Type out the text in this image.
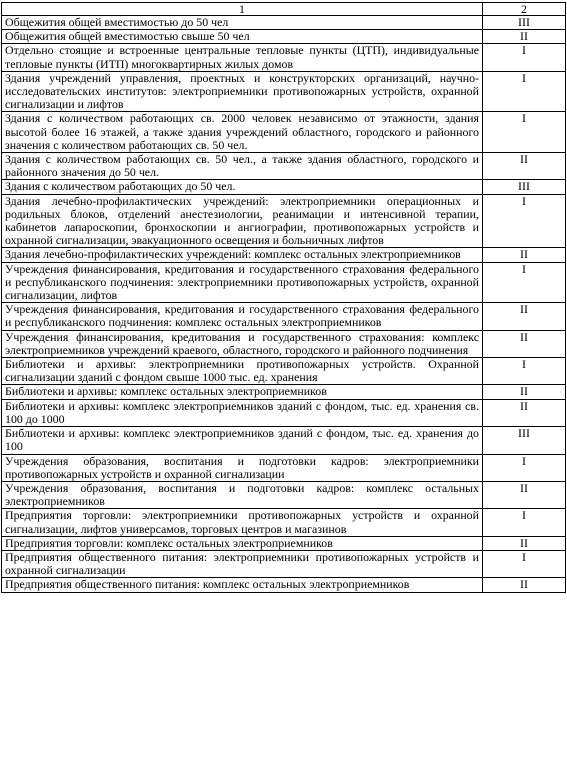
1	2
Общежития общей вместимостью до 50 чел	III
Общежития общей вместимостью свыше 50 чел	II
Отдельно стоящие и встроенные центральные тепловые пункты (ЦТП), индивидуальные тепловые пункты (ИТП) многоквартирных жилых домов	I
Здания учреждений управления, проектных и конструкторских организаций, научно-исследовательских институтов: электроприемники противопожарных устройств, охранной сигнализации и лифтов	I
Здания с количеством работающих св. 2000 человек независимо от этажности, здания высотой более 16 этажей, а также здания учреждений областного, городского и районного значения с количеством работающих св. 50 чел.	I
Здания с количеством работающих св. 50 чел., а также здания областного, городского и районного значения до 50 чел.	II
Здания с количеством работающих до 50 чел.	III
Здания лечебно-профилактических учреждений: электроприемники операционных и родильных блоков, отделений анестезиологии, реанимации и интенсивной терапии, кабинетов лапароскопии, бронхоскопии и ангиографии, противопожарных устройств и охранной сигнализации, эвакуационного освещения и больничных лифтов	I
Здания лечебно-профилактических учреждений: комплекс остальных электроприемников	II
Учреждения финансирования, кредитования и государственного страхования федерального и республиканского подчинения: электроприемники противопожарных устройств, охранной сигнализации, лифтов	I
Учреждения финансирования, кредитования и государственного страхования федерального и республиканского подчинения: комплекс остальных электроприемников	II
Учреждения финансирования, кредитования и государственного страхования: комплекс электроприемников учреждений краевого, областного, городского и районного подчинения	II
Библиотеки и архивы: электроприемники противопожарных устройств. Охранной сигнализации зданий с фондом свыше 1000 тыс. ед. хранения	I
Библиотеки и архивы: комплекс остальных электроприемников	II
Библиотеки и архивы: комплекс электроприемников зданий с фондом, тыс. ед. хранения св. 100 до 1000	II
Библиотеки и архивы: комплекс электроприемников зданий с фондом, тыс. ед. хранения до 100	III
Учреждения образования, воспитания и подготовки кадров: электроприемники противопожарных устройств и охранной сигнализации	I
Учреждения образования, воспитания и подготовки кадров: комплекс остальных электроприемников	II
Предприятия торговли: электроприемники противопожарных устройств и охранной сигнализации, лифтов универсамов, торговых центров и магазинов	I
Предприятия торговли: комплекс остальных электроприемников	II
Предприятия общественного питания: электроприемники противопожарных устройств и охранной сигнализации	I
Предприятия общественного питания: комплекс остальных электроприемников	II
